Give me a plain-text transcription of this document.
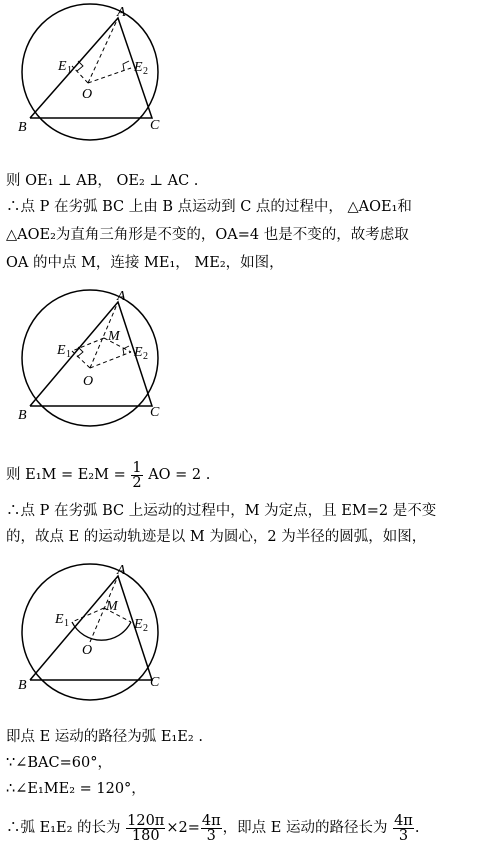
A
B	C
O
E 1	E 2
则 OE₁ ⊥ AB， OE₂ ⊥ AC .
∴点 P 在劣弧 BC 上由 B 点运动到 C 点的过程中， △AOE₁和
△AOE₂为直角三角形是不变的，OA=4 也是不变的，故考虑取
OA 的中点 M，连接 ME₁， ME₂，如图，
A
B	C
O
M
E 1	E 2
则 $E_1M = E_2M = \frac{1}{2}$ AO = 2 .
∴点 P 在劣弧 BC 上运动的过程中，M 为定点，且 EM=2 是不变
的，故点 E 的运动轨迹是以 M 为圆心，2 为半径的圆弧，如图，
A
B	C
O
M
E 1	E 2
即点 E 运动的路径为弧 E₁E₂ .
∵∠BAC=60°，
∴∠E₁ME₂ = 120°，
∴弧 E₁E₂ 的长为 $\frac{120\pi}{180} \times 2= \frac{4\pi}{3}$ ，即点 E 运动的路径长为 $\frac{4\pi}{3}$ .
